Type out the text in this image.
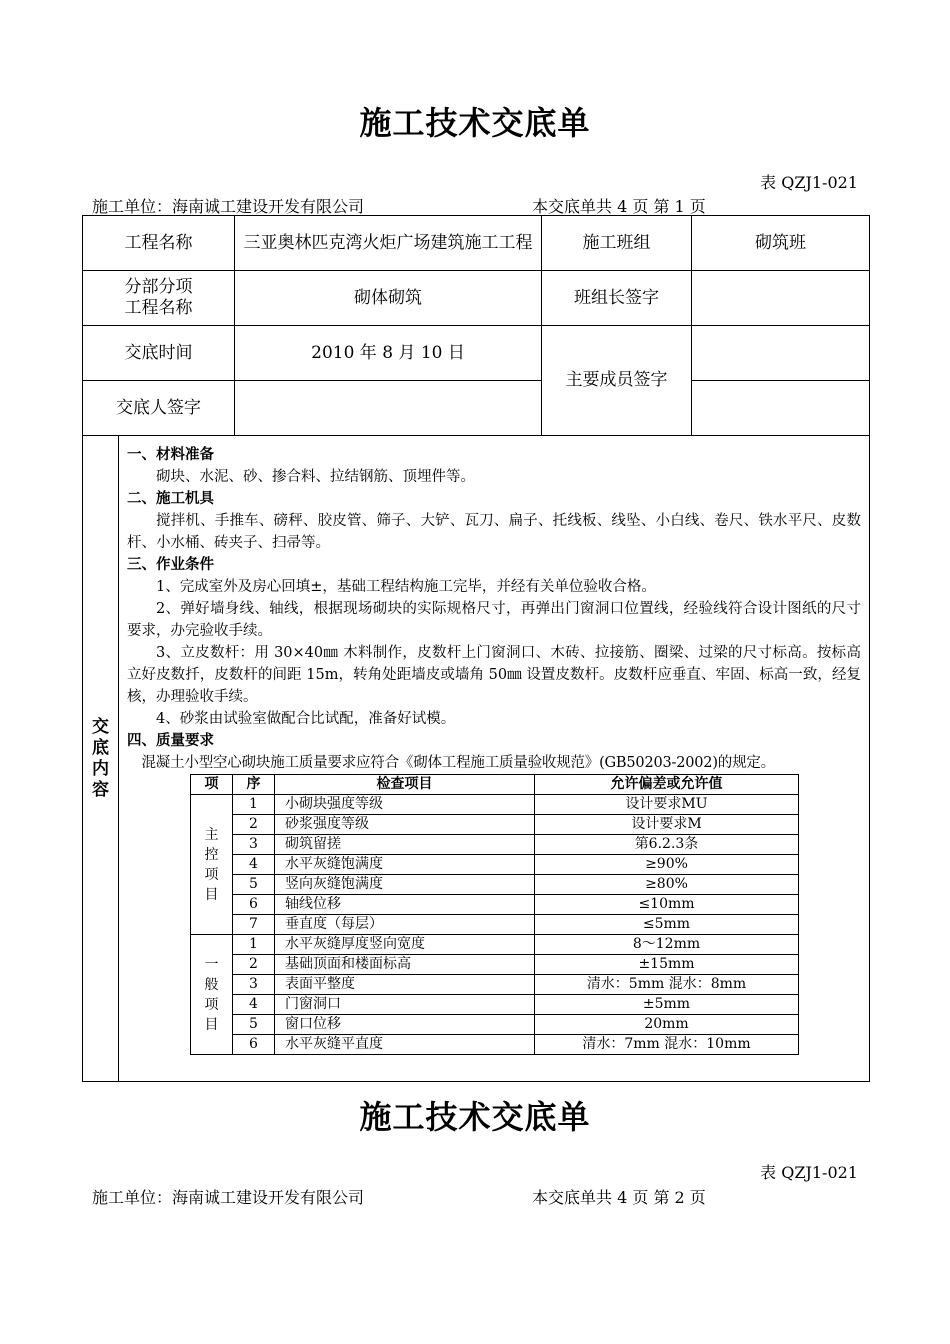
施工技术交底单
表 QZJ1-021
施工单位：海南诚工建设开发有限公司	本交底单共 4 页 第 1 页
工程名称	三亚奥林匹克湾火炬广场建筑施工工程	施工班组	砌筑班

分部分项
工程名称
	砌体砌筑	班组长签字	
交底时间	2010 年 8 月 10 日	主要成员签字	
交底人签字		

交
底
内
容

一、材料准备

砌块、水泥、砂、掺合料、拉结钢筋、顶埋件等。

二、施工机具

搅拌机、手推车、磅秤、胶皮管、筛子、大铲、瓦刀、扁子、托线板、线坠、小白线、卷尺、铁水平尺、皮数杆、小水桶、砖夹子、扫帚等。

三、作业条件

1、完成室外及房心回填±，基础工程结构施工完毕，并经有关单位验收合格。

2、弹好墙身线、轴线，根据现场砌块的实际规格尺寸，再弹出门窗洞口位置线，经验线符合设计图纸的尺寸要求，办完验收手续。

3、立皮数杆：用 30×40㎜ 木料制作，皮数杆上门窗洞口、木砖、拉接筋、圈梁、过梁的尺寸标高。按标高立好皮数扦，皮数杆的间距 15m，转角处距墙皮或墙角 50㎜ 设置皮数杆。皮数杆应垂直、牢固、标高一致，经复核，办理验收手续。

4、砂浆由试验室做配合比试配，准备好试模。

四、质量要求

混凝土小型空心砌块施工质量要求应符合《砌体工程施工质量验收规范》(GB50203-2002)的规定。

项	序	检查项目	允许偏差或允许值

主
控
项
目
	1	小砌块强度等级	设计要求MU
2	砂浆强度等级	设计要求M
3	砌筑留搓	第6.2.3条
4	水平灰缝饱满度	≥90%
5	竖向灰缝饱满度	≥80%
6	轴线位移	≤10mm
7	垂直度（每层）	≤5mm

一
般
项
目
	1	水平灰缝厚度竖向宽度	8～12mm
2	基础顶面和楼面标高	±15mm
3	表面平整度	清水：5mm 混水：8mm
4	门窗洞口	±5mm
5	窗口位移	20mm
6	水平灰缝平直度	清水：7mm 混水：10mm
施工技术交底单
表 QZJ1-021
施工单位：海南诚工建设开发有限公司	本交底单共 4 页 第 2 页
